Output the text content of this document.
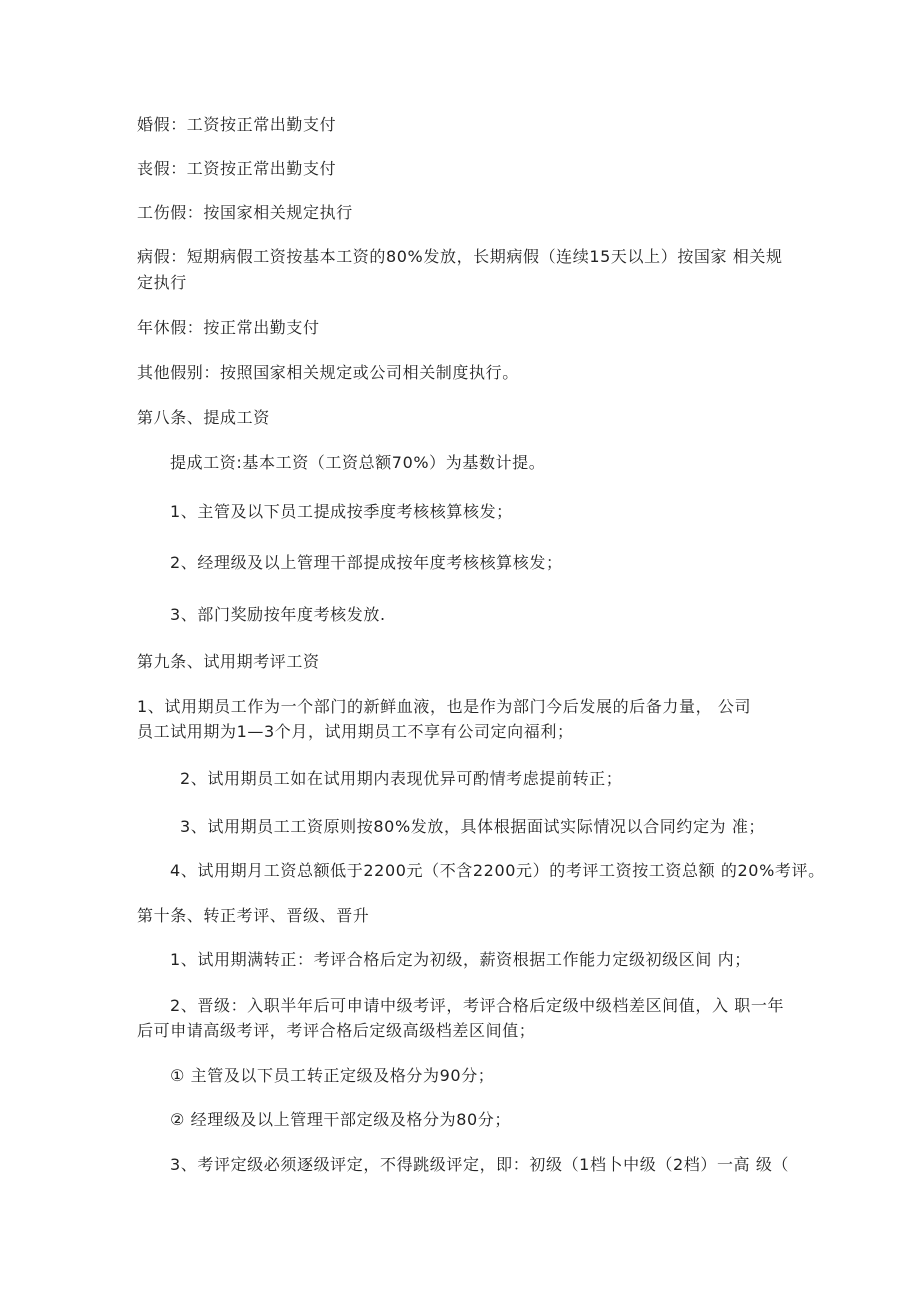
婚假：工资按正常出勤支付

丧假：工资按正常出勤支付

工伤假：按国家相关规定执行

病假：短期病假工资按基本工资的80%发放，长期病假（连续15天以上）按国家 相关规

定执行

年休假：按正常出勤支付

其他假别：按照国家相关规定或公司相关制度执行。

第八条、提成工资

提成工资:基本工资（工资总额70%）为基数计提。

1、主管及以下员工提成按季度考核核算核发；

2、经理级及以上管理干部提成按年度考核核算核发；

3、部门奖励按年度考核发放.

第九条、试用期考评工资

1、试用期员工作为一个部门的新鲜血液，也是作为部门今后发展的后备力量， 公司

员工试用期为1—3个月，试用期员工不享有公司定向福利；

2、试用期员工如在试用期内表现优异可酌情考虑提前转正；

3、试用期员工工资原则按80%发放，具体根据面试实际情况以合同约定为 准；

4、试用期月工资总额低于2200元（不含2200元）的考评工资按工资总额 的20%考评。

第十条、转正考评、晋级、晋升

1、试用期满转正：考评合格后定为初级，薪资根据工作能力定级初级区间 内；

2、晋级：入职半年后可申请中级考评，考评合格后定级中级档差区间值，入 职一年

后可申请高级考评，考评合格后定级高级档差区间值；

① 主管及以下员工转正定级及格分为90分；

② 经理级及以上管理干部定级及格分为80分；

3、考评定级必须逐级评定，不得跳级评定，即：初级（1档卜中级（2档）一高 级（
